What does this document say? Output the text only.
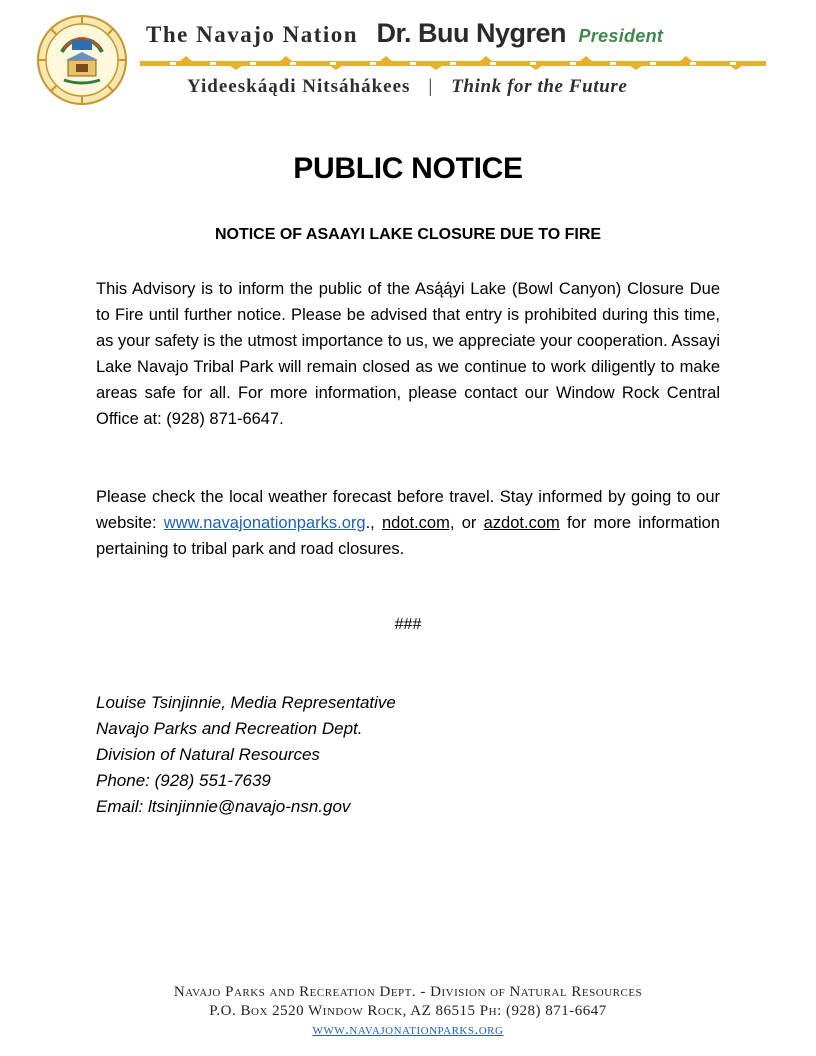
The Navajo Nation Dr. Buu Nygren President
Yideeskáądi Nitsáhákees | Think for the Future
PUBLIC NOTICE
NOTICE OF ASAAYI LAKE CLOSURE DUE TO FIRE
This Advisory is to inform the public of the Asą́ą́yi Lake (Bowl Canyon) Closure Due to Fire until further notice. Please be advised that entry is prohibited during this time, as your safety is the utmost importance to us, we appreciate your cooperation. Assayi Lake Navajo Tribal Park will remain closed as we continue to work diligently to make areas safe for all. For more information, please contact our Window Rock Central Office at: (928) 871-6647.
Please check the local weather forecast before travel. Stay informed by going to our website: www.navajonationparks.org., ndot.com, or azdot.com for more information pertaining to tribal park and road closures.
###
Louise Tsinjinnie, Media Representative
Navajo Parks and Recreation Dept.
Division of Natural Resources
Phone: (928) 551-7639
Email: ltsinjinnie@navajo-nsn.gov
Navajo Parks and Recreation Dept. - Division of Natural Resources
P.O. Box 2520 Window Rock, AZ 86515 Ph: (928) 871-6647
www.navajonationparks.org
